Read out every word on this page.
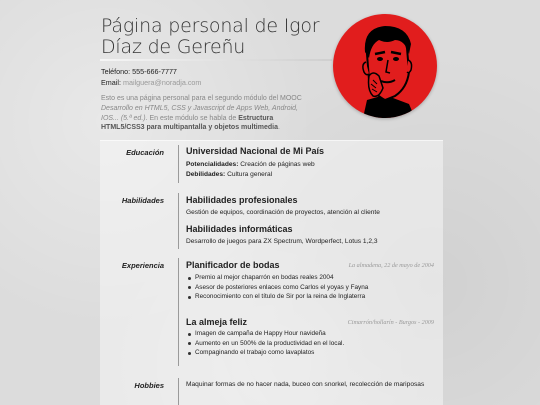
Página personal de Igor Díaz de Gereñu
Teléfono: 555-666-7777
Email: mailguera@noradja.com
Esto es una página personal para el segundo módulo del MOOC Desarrollo en HTML5, CSS y Javascript de Apps Web, Android, IOS... (5.ª ed.). En este módulo se habla de Estructura HTML5/CSS3 para multipantalla y objetos multimedia.
Educación Universidad Nacional de Mi País
Potencialidades: Creación de páginas web
Debilidades: Cultura general
Habilidades Habilidades profesionales
Gestión de equipos, coordinación de proyectos, atención al cliente
Habilidades informáticas
Desarrollo de juegos para ZX Spectrum, Wordperfect, Lotus 1,2,3
Experiencia Planificador de bodas	La almadena, 22 de mayo de 2004
Premio al mejor chaparrón en bodas reales 2004
Asesor de posteriores enlaces como Carlos el yoyas y Fayna
Reconocimiento con el título de Sir por la reina de Inglaterra
La almeja feliz	Cimarrón/hollarín - Burgos - 2009
Imagen de campaña de Happy Hour navideña
Aumento en un 500% de la productividad en el local.
Compaginando el trabajo como lavaplatos
Hobbies	Maquinar formas de no hacer nada, buceo con snorkel, recolección de mariposas
